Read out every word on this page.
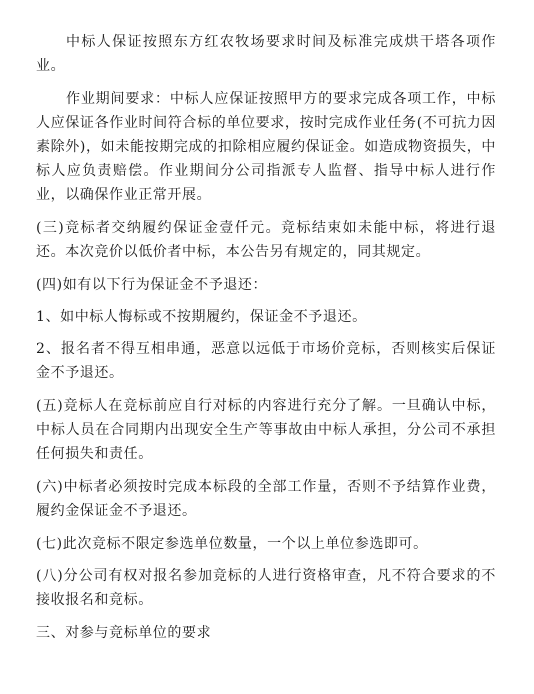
中标人保证按照东方红农牧场要求时间及标准完成烘干塔各项作业。

作业期间要求：中标人应保证按照甲方的要求完成各项工作，中标人应保证各作业时间符合标的单位要求，按时完成作业任务(不可抗力因素除外)，如未能按期完成的扣除相应履约保证金。如造成物资损失，中标人应负责赔偿。作业期间分公司指派专人监督、指导中标人进行作业，以确保作业正常开展。

(三)竞标者交纳履约保证金壹仟元。竞标结束如未能中标，将进行退还。本次竞价以低价者中标，本公告另有规定的，同其规定。

(四)如有以下行为保证金不予退还：

1、如中标人悔标或不按期履约，保证金不予退还。

2、报名者不得互相串通，恶意以远低于市场价竞标，否则核实后保证金不予退还。

(五)竞标人在竞标前应自行对标的内容进行充分了解。一旦确认中标，中标人员在合同期内出现安全生产等事故由中标人承担，分公司不承担任何损失和责任。

(六)中标者必须按时完成本标段的全部工作量，否则不予结算作业费，履约金保证金不予退还。

(七)此次竞标不限定参选单位数量，一个以上单位参选即可。

(八)分公司有权对报名参加竞标的人进行资格审查，凡不符合要求的不接收报名和竞标。

三、对参与竞标单位的要求
